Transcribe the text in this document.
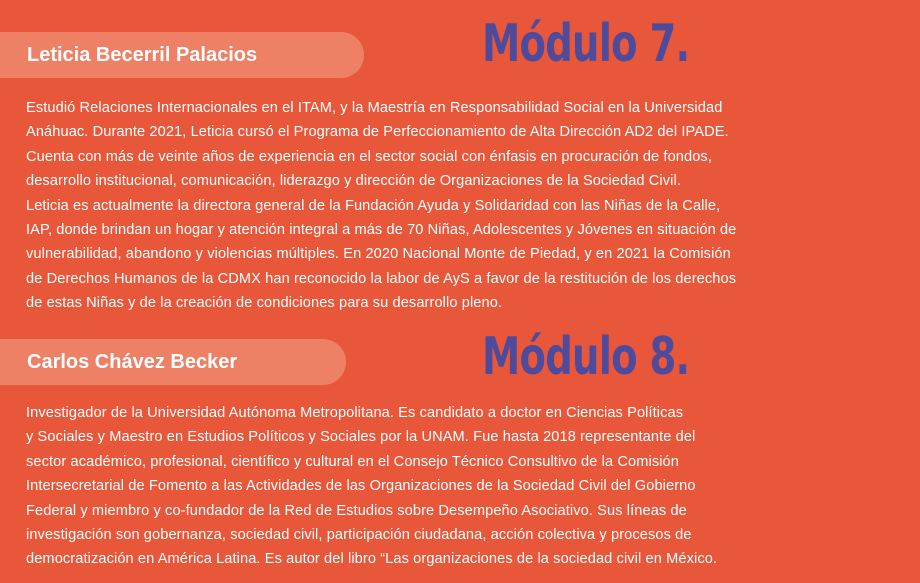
Leticia Becerril Palacios	Módulo 7.
Estudió Relaciones Internacionales en el ITAM, y la Maestría en Responsabilidad Social en la Universidad
Anáhuac. Durante 2021, Leticia cursó el Programa de Perfeccionamiento de Alta Dirección AD2 del IPADE.
Cuenta con más de veinte años de experiencia en el sector social con énfasis en procuración de fondos,
desarrollo institucional, comunicación, liderazgo y dirección de Organizaciones de la Sociedad Civil.
Leticia es actualmente la directora general de la Fundación Ayuda y Solidaridad con las Niñas de la Calle,
IAP, donde brindan un hogar y atención integral a más de 70 Niñas, Adolescentes y Jóvenes en situación de
vulnerabilidad, abandono y violencias múltiples. En 2020 Nacional Monte de Piedad, y en 2021 la Comisión
de Derechos Humanos de la CDMX han reconocido la labor de AyS a favor de la restitución de los derechos
de estas Niñas y de la creación de condiciones para su desarrollo pleno.
Carlos Chávez Becker	Módulo 8.
Investigador de la Universidad Autónoma Metropolitana. Es candidato a doctor en Ciencias Políticas
y Sociales y Maestro en Estudios Políticos y Sociales por la UNAM. Fue hasta 2018 representante del
sector académico, profesional, científico y cultural en el Consejo Técnico Consultivo de la Comisión
Intersecretarial de Fomento a las Actividades de las Organizaciones de la Sociedad Civil del Gobierno
Federal y miembro y co-fundador de la Red de Estudios sobre Desempeño Asociativo. Sus líneas de
investigación son gobernanza, sociedad civil, participación ciudadana, acción colectiva y procesos de
democratización en América Latina. Es autor del libro “Las organizaciones de la sociedad civil en México.
